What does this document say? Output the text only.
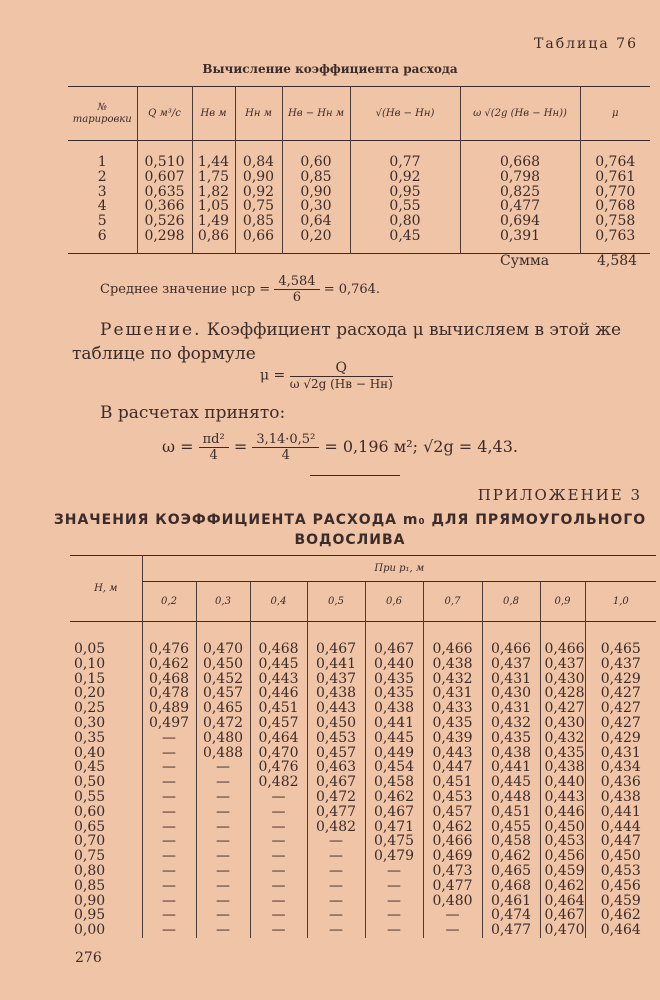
Таблица 76
Вычисление коэффициента расхода
№ тарировки	Q м³/с	Hв м	Hн м	Hв − Hн м	√(Hв − Hн)	ω √(2g (Hв − Hн))	μ
1	0,510	1,44	0,84	0,60	0,77	0,668	0,764
2	0,607	1,75	0,90	0,85	0,92	0,798	0,761
3	0,635	1,82	0,92	0,90	0,95	0,825	0,770
4	0,366	1,05	0,75	0,30	0,55	0,477	0,768
5	0,526	1,49	0,85	0,64	0,80	0,694	0,758
6	0,298	0,86	0,66	0,20	0,45	0,391	0,763
Сумма	4,584
Среднее значение $\mu ср = \frac{4,584}{6} = 0,764$.
Решение. Коэффициент расхода μ вычисляем в этой же таблице по формуле
$\mu = \frac{Q}{\omega √2g (Hв - Hн)}$
В расчетах принято:
$\omega = \frac{\text{πd²}}{4} = \frac{\text{3,14·0,5²}}{4} = 0,196$ м²; √2g = 4,43.
ПРИЛОЖЕНИЕ 3
ЗНАЧЕНИЯ КОЭФФИЦИЕНТА РАСХОДА m₀ ДЛЯ ПРЯМОУГОЛЬНОГО
ВОДОСЛИВА
H, м	При p₁, м								
	0,2	0,3	0,4	0,5	0,6	0,7	0,8	0,9	1,0
0,05	0,476	0,470	0,468	0,467	0,467	0,466	0,466	0,466	0,465
0,10	0,462	0,450	0,445	0,441	0,440	0,438	0,437	0,437	0,437
0,15	0,468	0,452	0,443	0,437	0,435	0,432	0,431	0,430	0,429
0,20	0,478	0,457	0,446	0,438	0,435	0,431	0,430	0,428	0,427
0,25	0,489	0,465	0,451	0,443	0,438	0,433	0,431	0,427	0,427
0,30	0,497	0,472	0,457	0,450	0,441	0,435	0,432	0,430	0,427
0,35	—	0,480	0,464	0,453	0,445	0,439	0,435	0,432	0,429
0,40	—	0,488	0,470	0,457	0,449	0,443	0,438	0,435	0,431
0,45	—	—	0,476	0,463	0,454	0,447	0,441	0,438	0,434
0,50	—	—	0,482	0,467	0,458	0,451	0,445	0,440	0,436
0,55	—	—	—	0,472	0,462	0,453	0,448	0,443	0,438
0,60	—	—	—	0,477	0,467	0,457	0,451	0,446	0,441
0,65	—	—	—	0,482	0,471	0,462	0,455	0,450	0,444
0,70	—	—	—	—	0,475	0,466	0,458	0,453	0,447
0,75	—	—	—	—	0,479	0,469	0,462	0,456	0,450
0,80	—	—	—	—	—	0,473	0,465	0,459	0,453
0,85	—	—	—	—	—	0,477	0,468	0,462	0,456
0,90	—	—	—	—	—	0,480	0,461	0,464	0,459
0,95	—	—	—	—	—	—	0,474	0,467	0,462
0,00	—	—	—	—	—	—	0,477	0,470	0,464
276
